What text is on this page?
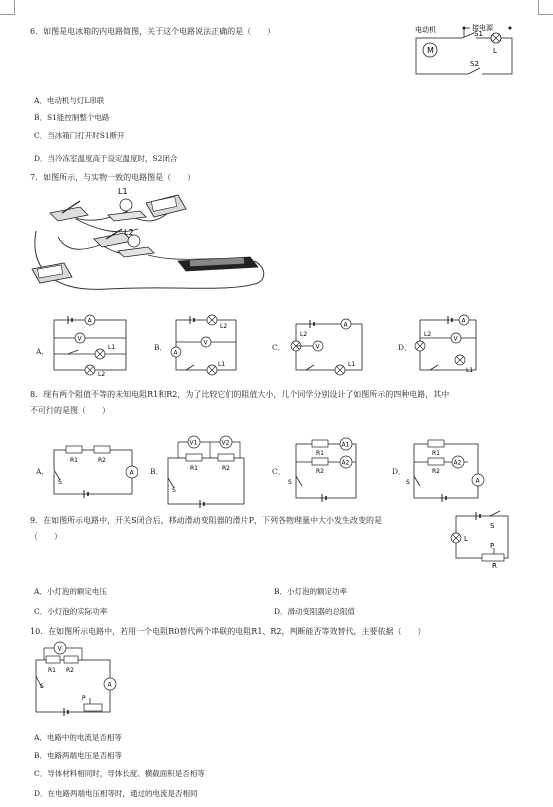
6．如图是电冰箱的内电路简图，关于这个电路说法正确的是（　　）	电动机	接电源
M
S1
L
S2
A．电动机与灯L串联
B．S1能控制整个电路
C．当冰箱门打开时S1断开
D．当冷冻室温度高于设定温度时，S2闭合
7．如图所示，与实物一致的电路图是（　　）
L1
L2
A．
A
V
L1
L2
B．
L2
A
V
L1
C．
A
L2
V
L1
D．
A
L2
V
L1
8．现有两个阻值不等的未知电阻R1和R2，为了比较它们的阻值大小，几个同学分别设计了如图所示的四种电路，其中
不可行的是图（　　）
A．
R1	R2
A
S
B．
V1	V2
R1	R2
S
C．
R1
A1
R2
A2
S
D．
R1
R2
A2
A
S
9．在如图所示电路中，开关S闭合后，移动滑动变阻器的滑片P，下列各物理量中大小发生改变的是
（　　）
S
L
P
R
A．小灯泡的额定电压	B．小灯泡的额定功率
C．小灯泡的实际功率	D．滑动变阻器的总阻值
10．在如图所示电路中，若用一个电阻R0替代两个串联的电阻R1、R2，判断能否等效替代，主要依据（　　）
V
R1 R2
S	A
P
A．电路中的电流是否相等
B．电路两端电压是否相等
C．导体材料相同时，导体长度、横截面积是否相等
D．在电路两端电压相等时，通过的电流是否相同
